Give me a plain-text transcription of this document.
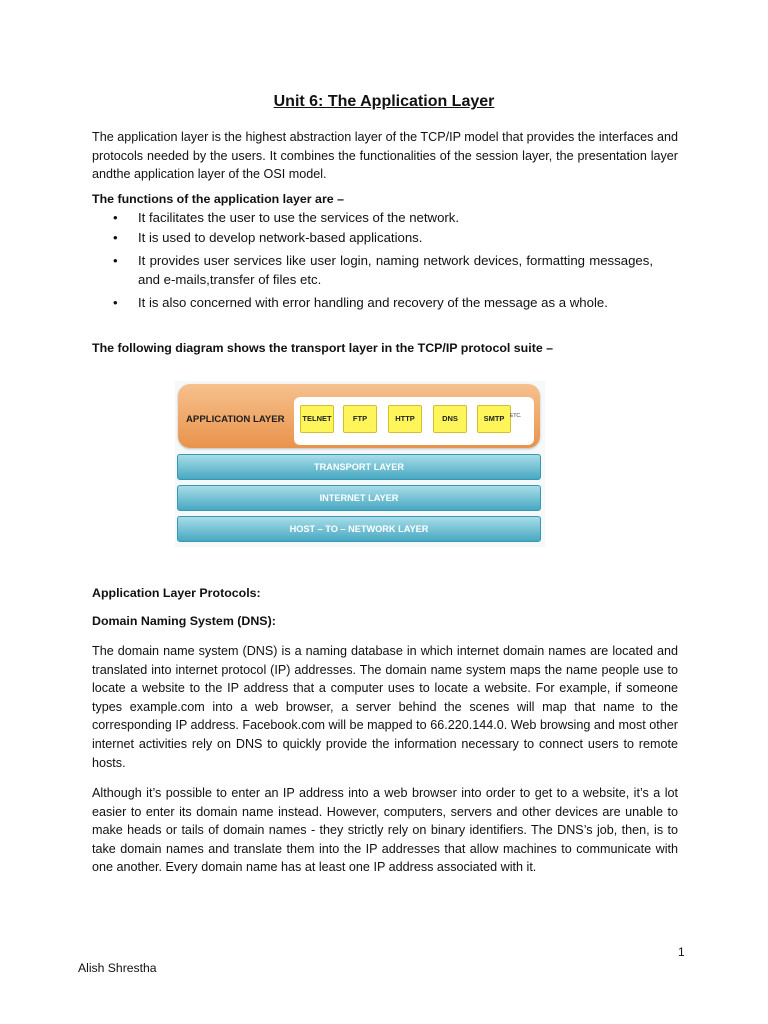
Unit 6: The Application Layer
The application layer is the highest abstraction layer of the TCP/IP model that provides the interfaces and protocols needed by the users. It combines the functionalities of the session layer, the presentation layer andthe application layer of the OSI model.
The functions of the application layer are –
• It facilitates the user to use the services of the network.
• It is used to develop network-based applications.
• It provides user services like user login, naming network devices, formatting messages, and e-mails,transfer of files etc.
• It is also concerned with error handling and recovery of the message as a whole.
The following diagram shows the transport layer in the TCP/IP protocol suite –
APPLICATION LAYER	TELNET	FTP	HTTP	DNS	SMTP	ETC.
TRANSPORT LAYER
INTERNET LAYER
HOST – TO – NETWORK LAYER
Application Layer Protocols:
Domain Naming System (DNS):
The domain name system (DNS) is a naming database in which internet domain names are located and translated into internet protocol (IP) addresses. The domain name system maps the name people use to locate a website to the IP address that a computer uses to locate a website. For example, if someone types example.com into a web browser, a server behind the scenes will map that name to the corresponding IP address. Facebook.com will be mapped to 66.220.144.0. Web browsing and most other internet activities rely on DNS to quickly provide the information necessary to connect users to remote hosts.
Although it’s possible to enter an IP address into a web browser into order to get to a website, it’s a lot easier to enter its domain name instead. However, computers, servers and other devices are unable to make heads or tails of domain names - they strictly rely on binary identifiers. The DNS’s job, then, is to take domain names and translate them into the IP addresses that allow machines to communicate with one another. Every domain name has at least one IP address associated with it.
1
Alish Shrestha
